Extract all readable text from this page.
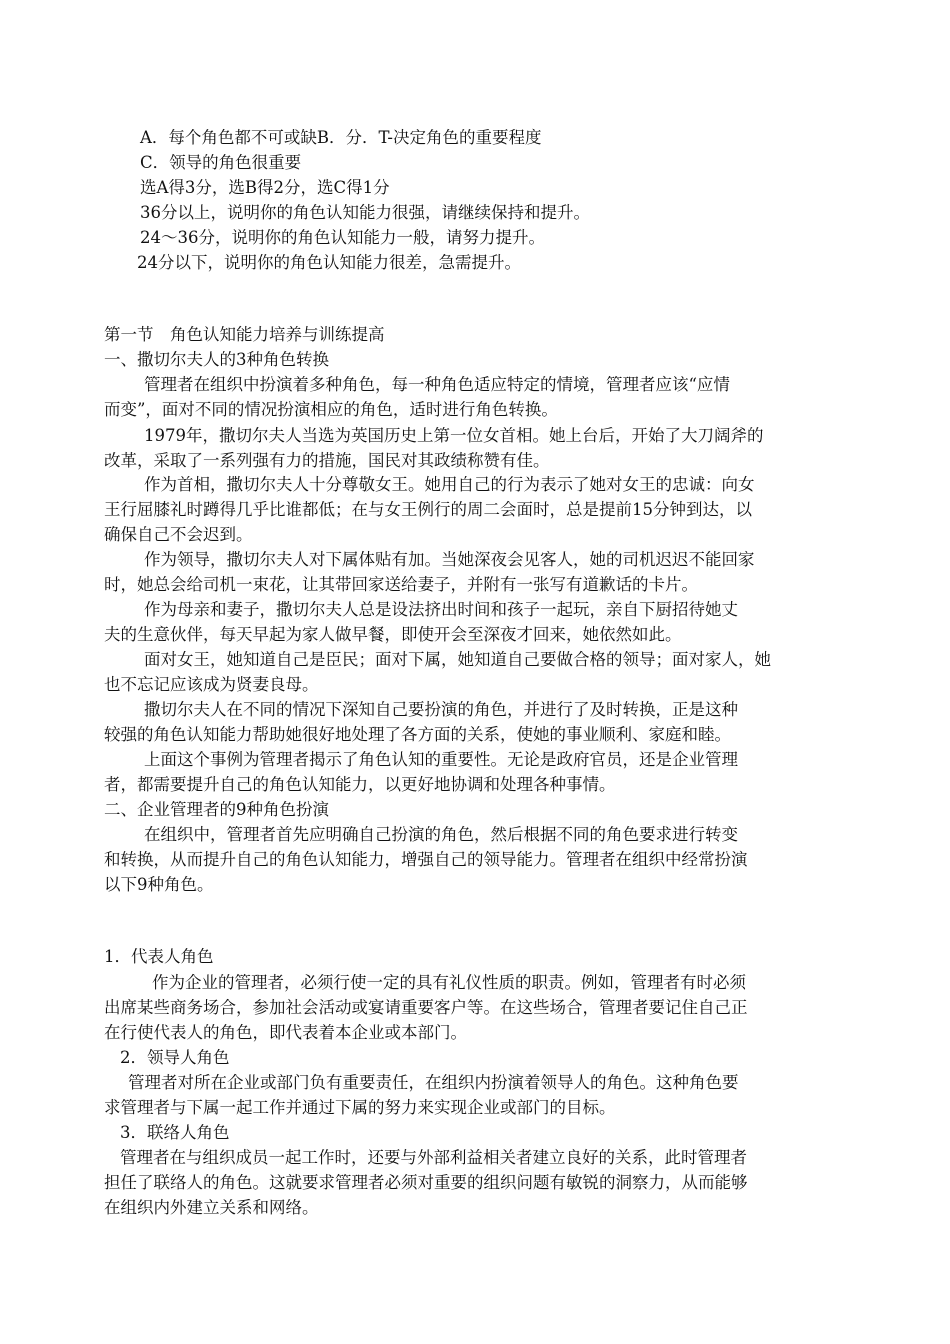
A．每个角色都不可或缺B．分．T-决定角色的重要程度
C．领导的角色很重要
选A得3分，选B得2分，选C得1分
36分以上，说明你的角色认知能力很强，请继续保持和提升。
24～36分，说明你的角色认知能力一般，请努力提升。
24分以下，说明你的角色认知能力很差，急需提升。
第一节　角色认知能力培养与训练提高
一、撒切尔夫人的3种角色转换
管理者在组织中扮演着多种角色，每一种角色适应特定的情境，管理者应该“应情
而变”，面对不同的情况扮演相应的角色，适时进行角色转换。
1979年，撒切尔夫人当选为英国历史上第一位女首相。她上台后，开始了大刀阔斧的
改革，采取了一系列强有力的措施，国民对其政绩称赞有佳。
作为首相，撒切尔夫人十分尊敬女王。她用自己的行为表示了她对女王的忠诚：向女
王行屈膝礼时蹲得几乎比谁都低；在与女王例行的周二会面时，总是提前15分钟到达，以
确保自己不会迟到。
作为领导，撒切尔夫人对下属体贴有加。当她深夜会见客人，她的司机迟迟不能回家
时，她总会给司机一束花，让其带回家送给妻子，并附有一张写有道歉话的卡片。
作为母亲和妻子，撒切尔夫人总是设法挤出时间和孩子一起玩，亲自下厨招待她丈
夫的生意伙伴，每天早起为家人做早餐，即使开会至深夜才回来，她依然如此。
面对女王，她知道自己是臣民；面对下属，她知道自己要做合格的领导；面对家人，她
也不忘记应该成为贤妻良母。
撒切尔夫人在不同的情况下深知自己要扮演的角色，并进行了及时转换，正是这种
较强的角色认知能力帮助她很好地处理了各方面的关系，使她的事业顺利、家庭和睦。
上面这个事例为管理者揭示了角色认知的重要性。无论是政府官员，还是企业管理
者，都需要提升自己的角色认知能力，以更好地协调和处理各种事情。
二、企业管理者的9种角色扮演
在组织中，管理者首先应明确自己扮演的角色，然后根据不同的角色要求进行转变
和转换，从而提升自己的角色认知能力，增强自己的领导能力。管理者在组织中经常扮演
以下9种角色。
1．代表人角色
作为企业的管理者，必须行使一定的具有礼仪性质的职责。例如，管理者有时必须
出席某些商务场合，参加社会活动或宴请重要客户等。在这些场合，管理者要记住自己正
在行使代表人的角色，即代表着本企业或本部门。
2．领导人角色
管理者对所在企业或部门负有重要责任，在组织内扮演着领导人的角色。这种角色要
求管理者与下属一起工作并通过下属的努力来实现企业或部门的目标。
3．联络人角色
管理者在与组织成员一起工作时，还要与外部利益相关者建立良好的关系，此时管理者
担任了联络人的角色。这就要求管理者必须对重要的组织问题有敏锐的洞察力，从而能够
在组织内外建立关系和网络。
